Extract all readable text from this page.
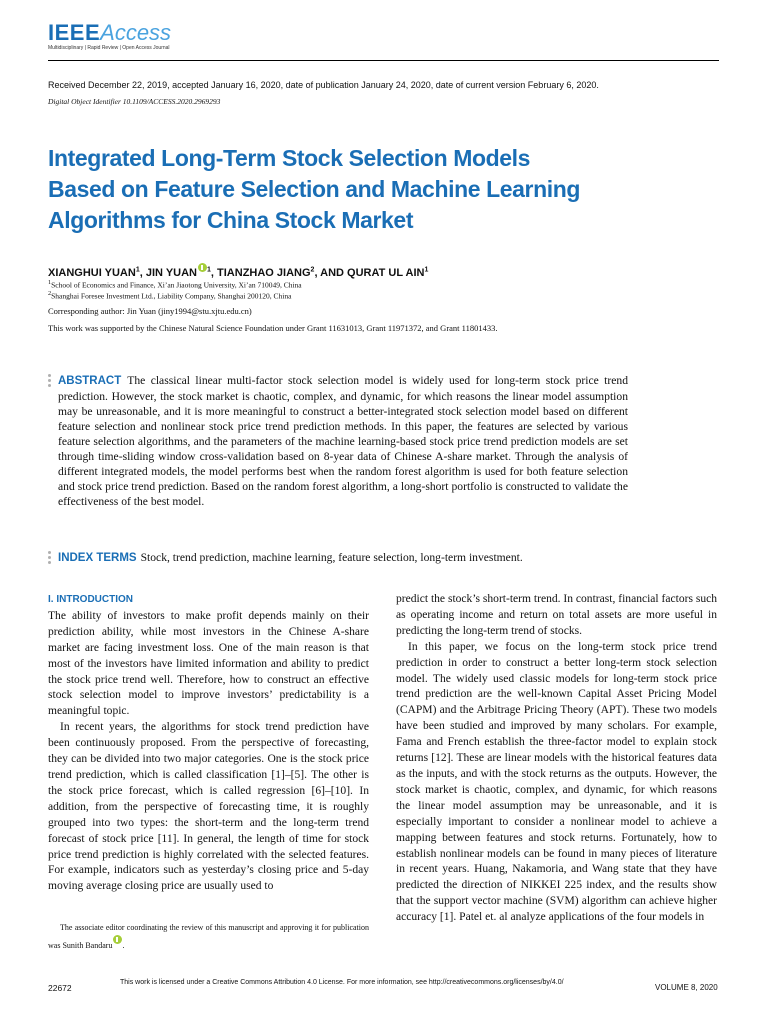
IEEEAccess
Multidisciplinary | Rapid Review | Open Access Journal
Received December 22, 2019, accepted January 16, 2020, date of publication January 24, 2020, date of current version February 6, 2020.
Digital Object Identifier 10.1109/ACCESS.2020.2969293
Integrated Long-Term Stock Selection Models
Based on Feature Selection and Machine Learning
Algorithms for China Stock Market
XIANGHUI YUAN$^1$, JIN YUAN $^1$, TIANZHAO JIANG$^2$, AND QURAT UL AIN$^1$
$^1$School of Economics and Finance, Xi’an Jiaotong University, Xi’an 710049, China
$^2$Shanghai Foresee Investment Ltd., Liability Company, Shanghai 200120, China
Corresponding author: Jin Yuan (jiny1994@stu.xjtu.edu.cn)
This work was supported by the Chinese Natural Science Foundation under Grant 11631013, Grant 11971372, and Grant 11801433.
ABSTRACT The classical linear multi-factor stock selection model is widely used for long-term stock price trend prediction. However, the stock market is chaotic, complex, and dynamic, for which reasons the linear model assumption may be unreasonable, and it is more meaningful to construct a better-integrated stock selection model based on different feature selection and nonlinear stock price trend prediction methods. In this paper, the features are selected by various feature selection algorithms, and the parameters of the machine learning-based stock price trend prediction models are set through time-sliding window cross-validation based on 8-year data of Chinese A-share market. Through the analysis of different integrated models, the model performs best when the random forest algorithm is used for both feature selection and stock price trend prediction. Based on the random forest algorithm, a long-short portfolio is constructed to validate the effectiveness of the best model.
INDEX TERMS Stock, trend prediction, machine learning, feature selection, long-term investment.
I. INTRODUCTION

The ability of investors to make profit depends mainly on their prediction ability, while most investors in the Chinese A-share market are facing investment loss. One of the main reason is that most of the investors have limited information and ability to predict the stock price trend well. Therefore, how to construct an effective stock selection model to improve investors’ predictability is a meaningful topic.

In recent years, the algorithms for stock trend prediction have been continuously proposed. From the perspective of forecasting, they can be divided into two major categories. One is the stock price trend prediction, which is called classification [1]–[5]. The other is the stock price forecast, which is called regression [6]–[10]. In addition, from the perspective of forecasting time, it is roughly grouped into two types: the short-term and the long-term trend forecast of stock price [11]. In general, the length of time for stock price trend prediction is highly correlated with the selected features. For example, indicators such as yesterday’s closing price and 5-day moving average closing price are usually used to

The associate editor coordinating the review of this manuscript and approving it for publication was Sunith Bandaru .

predict the stock’s short-term trend. In contrast, financial factors such as operating income and return on total assets are more useful in predicting the long-term trend of stocks.

In this paper, we focus on the long-term stock price trend prediction in order to construct a better long-term stock selection model. The widely used classic models for long-term stock price trend prediction are the well-known Capital Asset Pricing Model (CAPM) and the Arbitrage Pricing Theory (APT). These two models have been studied and improved by many scholars. For example, Fama and French establish the three-factor model to explain stock returns [12]. These are linear models with the historical features data as the inputs, and with the stock returns as the outputs. However, the stock market is chaotic, complex, and dynamic, for which reasons the linear model assumption may be unreasonable, and it is especially important to consider a nonlinear model to achieve a mapping between features and stock returns. Fortunately, how to establish nonlinear models can be found in many pieces of literature in recent years. Huang, Nakamoria, and Wang state that they have predicted the direction of NIKKEI 225 index, and the results show that the support vector machine (SVM) algorithm can achieve higher accuracy [1]. Patel et. al analyze applications of the four models in

22672
This work is licensed under a Creative Commons Attribution 4.0 License. For more information, see http://creativecommons.org/licenses/by/4.0/
VOLUME 8, 2020
